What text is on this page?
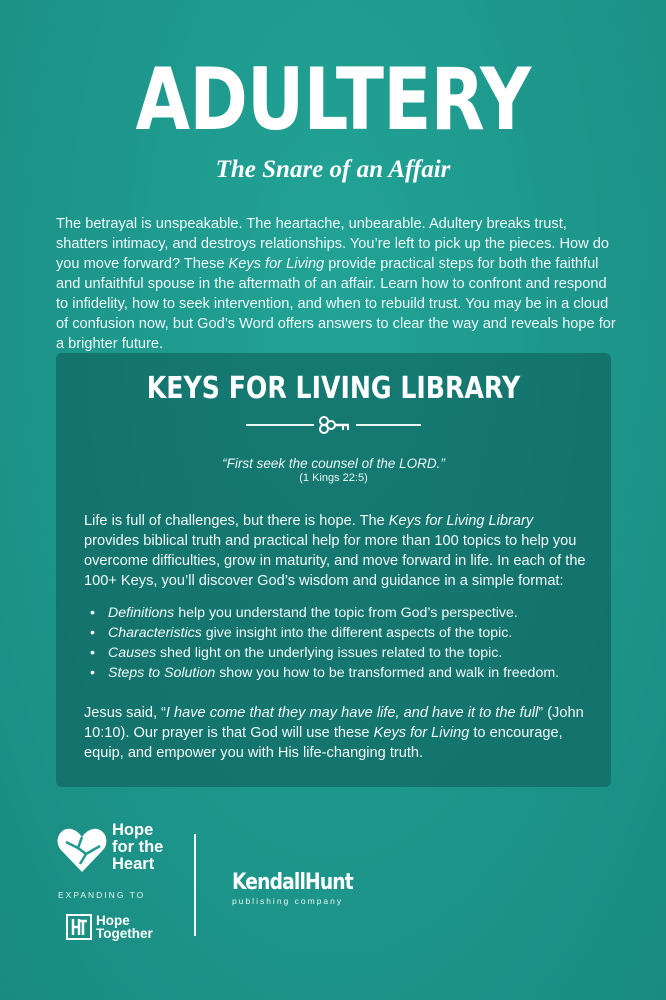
ADULTERY
The Snare of an Affair
The betrayal is unspeakable. The heartache, unbearable. Adultery breaks trust, shatters intimacy, and destroys relationships. You’re left to pick up the pieces. How do you move forward? These Keys for Living provide practical steps for both the faithful and unfaithful spouse in the aftermath of an affair. Learn how to confront and respond to infidelity, how to seek intervention, and when to rebuild trust. You may be in a cloud of confusion now, but God’s Word offers answers to clear the way and reveals hope for a brighter future.
KEYS FOR LIVING LIBRARY
“First seek the counsel of the LORD.”
(1 Kings 22:5)
Life is full of challenges, but there is hope. The Keys for Living Library provides biblical truth and practical help for more than 100 topics to help you overcome difficulties, grow in maturity, and move forward in life. In each of the 100+ Keys, you’ll discover God’s wisdom and guidance in a simple format:
• Definitions help you understand the topic from God’s perspective.
• Characteristics give insight into the different aspects of the topic.
• Causes shed light on the underlying issues related to the topic.
• Steps to Solution show you how to be transformed and walk in freedom.
Jesus said, “I have come that they may have life, and have it to the full” (John 10:10). Our prayer is that God will use these Keys for Living to encourage, equip, and empower you with His life-changing truth.
Hope
for the
Heart
EXPANDING TO
Hope
Together
KendallHunt
publishing company
